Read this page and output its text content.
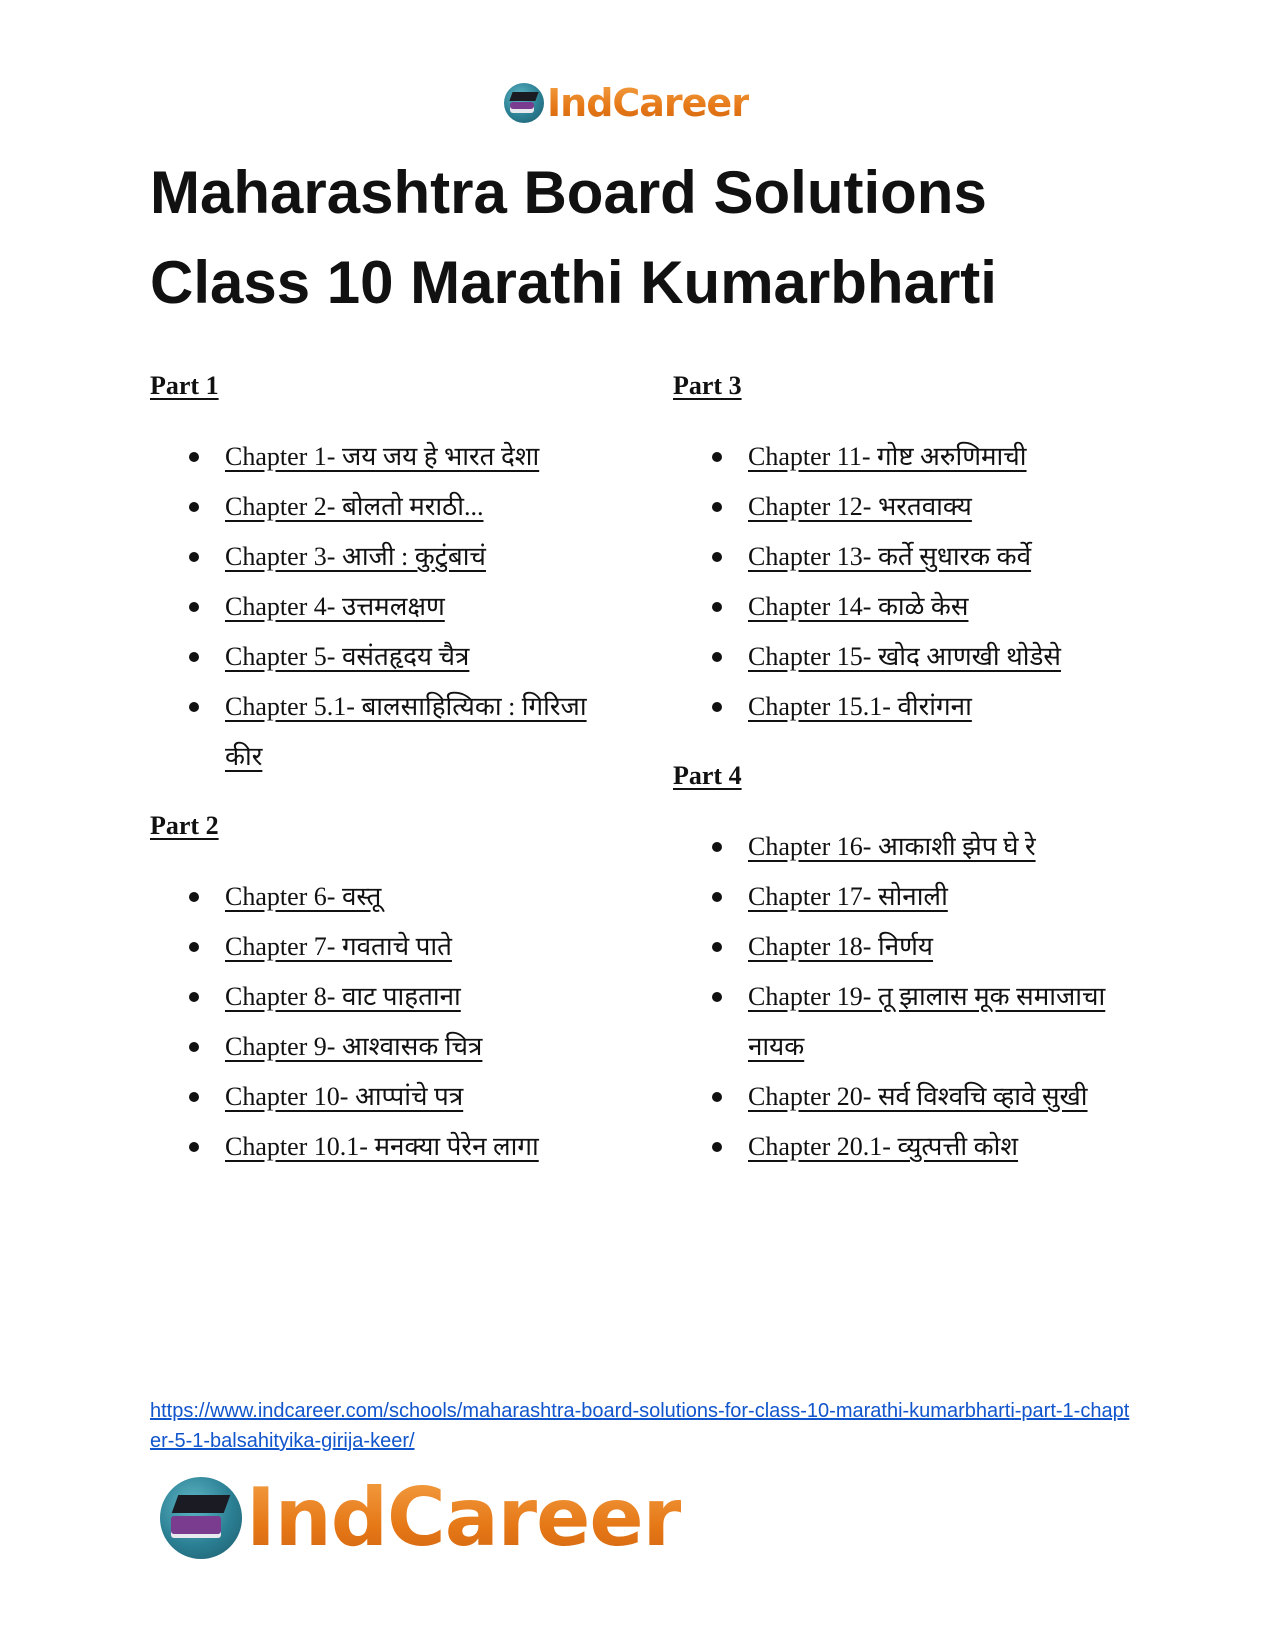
IndCareer
Maharashtra Board Solutions
Class 10 Marathi Kumarbharti
Part 1
Chapter 1- जय जय हे भारत देशा
Chapter 2- बोलतो मराठी...
Chapter 3- आजी : कुटुंबाचं
Chapter 4- उत्तमलक्षण
Chapter 5- वसंतहृदय चैत्र
Chapter 5.1- बालसाहित्यिका : गिरिजा कीर
Part 2
Chapter 6- वस्तू
Chapter 7- गवताचे पाते
Chapter 8- वाट पाहताना
Chapter 9- आश्वासक चित्र
Chapter 10- आप्पांचे पत्र
Chapter 10.1- मनक्या पेरेन लागा
Part 3
Chapter 11- गोष्ट अरुणिमाची
Chapter 12- भरतवाक्य
Chapter 13- कर्ते सुधारक कर्वे
Chapter 14- काळे केस
Chapter 15- खोद आणखी थोडेसे
Chapter 15.1- वीरांगना
Part 4
Chapter 16- आकाशी झेप घे रे
Chapter 17- सोनाली
Chapter 18- निर्णय
Chapter 19- तू झालास मूक समाजाचा नायक
Chapter 20- सर्व विश्वचि व्हावे सुखी
Chapter 20.1- व्युत्पत्ती कोश
https://www.indcareer.com/schools/maharashtra-board-solutions-for-class-10-marathi-kumarbharti-part-1-chapter-5-1-balsahityika-girija-keer/
IndCareer
